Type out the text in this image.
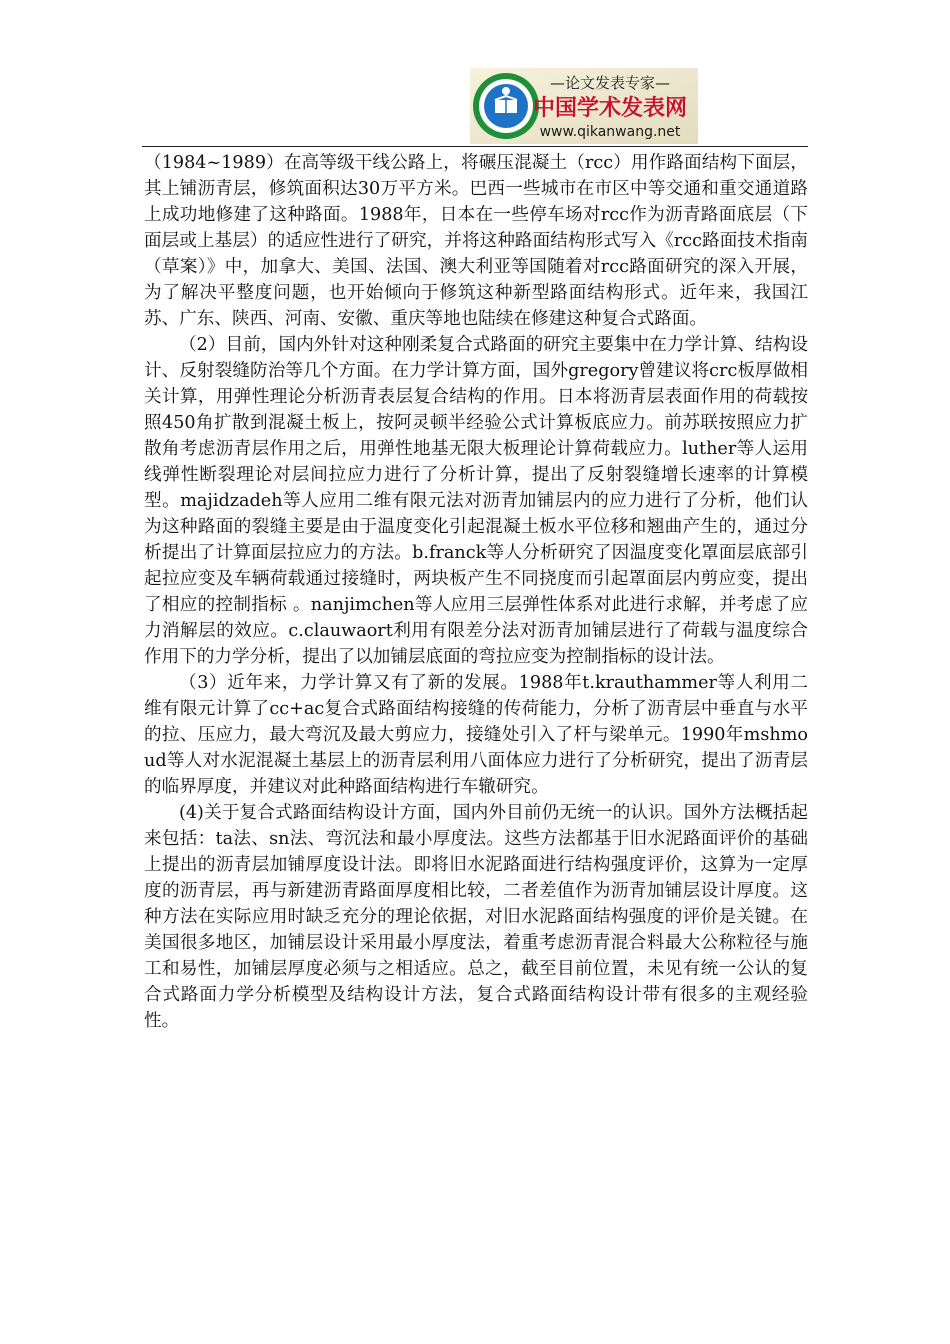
—论文发表专家—
中国学术发表网
www.qikanwang.net

（1984~1989）在高等级干线公路上，将碾压混凝土（rcc）用作路面结构下面层，其上铺沥青层，修筑面积达30万平方米。巴西一些城市在市区中等交通和重交通道路上成功地修建了这种路面。1988年，日本在一些停车场对rcc作为沥青路面底层（下面层或上基层）的适应性进行了研究，并将这种路面结构形式写入《rcc路面技术指南（草案）》中，加拿大、美国、法国、澳大利亚等国随着对rcc路面研究的深入开展，为了解决平整度问题，也开始倾向于修筑这种新型路面结构形式。近年来，我国江苏、广东、陕西、河南、安徽、重庆等地也陆续在修建这种复合式路面。

（2）目前，国内外针对这种刚柔复合式路面的研究主要集中在力学计算、结构设计、反射裂缝防治等几个方面。在力学计算方面，国外gregory曾建议将crc板厚做相关计算，用弹性理论分析沥青表层复合结构的作用。日本将沥青层表面作用的荷载按照450角扩散到混凝土板上，按阿灵顿半经验公式计算板底应力。前苏联按照应力扩散角考虑沥青层作用之后，用弹性地基无限大板理论计算荷载应力。luther等人运用线弹性断裂理论对层间拉应力进行了分析计算，提出了反射裂缝增长速率的计算模型。majidzadeh等人应用二维有限元法对沥青加铺层内的应力进行了分析，他们认为这种路面的裂缝主要是由于温度变化引起混凝土板水平位移和翘曲产生的，通过分析提出了计算面层拉应力的方法。b.franck等人分析研究了因温度变化罩面层底部引起拉应变及车辆荷载通过接缝时，两块板产生不同挠度而引起罩面层内剪应变，提出了相应的控制指标 。nanjimchen等人应用三层弹性体系对此进行求解，并考虑了应力消解层的效应。c.clauwaort利用有限差分法对沥青加铺层进行了荷载与温度综合作用下的力学分析，提出了以加铺层底面的弯拉应变为控制指标的设计法。

（3）近年来，力学计算又有了新的发展。1988年t.krauthammer等人利用二维有限元计算了cc+ac复合式路面结构接缝的传荷能力，分析了沥青层中垂直与水平的拉、压应力，最大弯沉及最大剪应力，接缝处引入了杆与梁单元。1990年mshmoud等人对水泥混凝土基层上的沥青层利用八面体应力进行了分析研究，提出了沥青层的临界厚度，并建议对此种路面结构进行车辙研究。

(4)关于复合式路面结构设计方面，国内外目前仍无统一的认识。国外方法概括起来包括：ta法、sn法、弯沉法和最小厚度法。这些方法都基于旧水泥路面评价的基础上提出的沥青层加铺厚度设计法。即将旧水泥路面进行结构强度评价，这算为一定厚度的沥青层，再与新建沥青路面厚度相比较，二者差值作为沥青加铺层设计厚度。这种方法在实际应用时缺乏充分的理论依据，对旧水泥路面结构强度的评价是关键。在美国很多地区，加铺层设计采用最小厚度法，着重考虑沥青混合料最大公称粒径与施工和易性，加铺层厚度必须与之相适应。总之，截至目前位置，未见有统一公认的复合式路面力学分析模型及结构设计方法，复合式路面结构设计带有很多的主观经验性。
